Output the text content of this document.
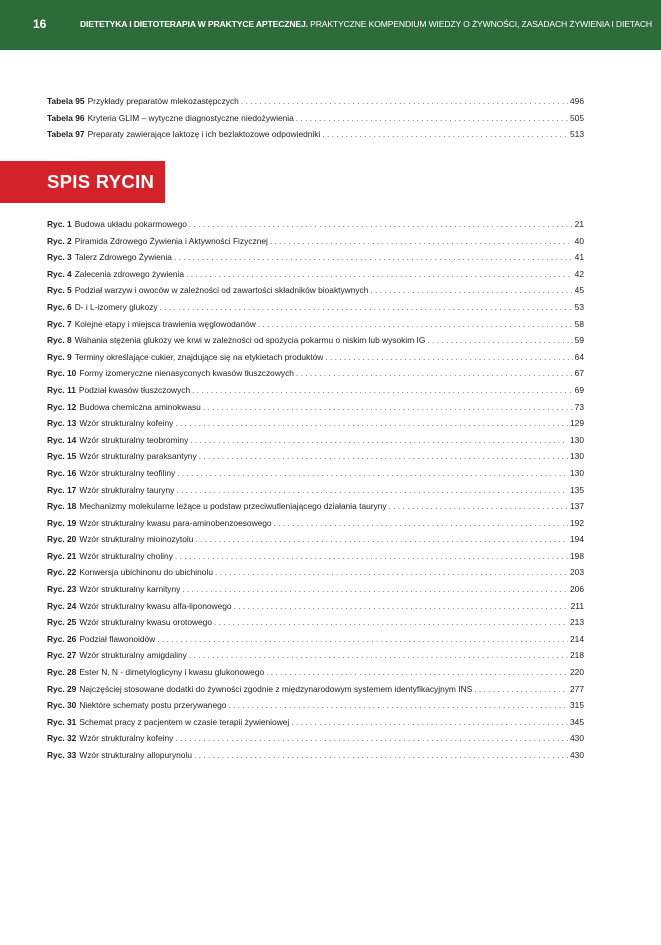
16	DIETETYKA I DIETOTERAPIA W PRAKTYCE APTECZNEJ. PRAKTYCZNE KOMPENDIUM WIEDZY O ŻYWNOŚCI, ZASADACH ŻYWIENIA I DIETACH
Tabela 95 Przykłady preparatów mlekozastępczych . . .	496
Tabela 96 Kryteria GLIM – wytyczne diagnostyczne niedożywienia . . .	505
Tabela 97 Preparaty zawierające laktozę i ich bezlaktozowe odpowiedniki . . .	513
SPIS RYCIN
Ryc. 1 Budowa układu pokarmowego . . .	21
Ryc. 2 Piramida Zdrowego Żywienia i Aktywności Fizycznej . . .	40
Ryc. 3 Talerz Zdrowego Żywienia . . .	41
Ryc. 4 Zalecenia zdrowego żywienia . . .	42
Ryc. 5 Podział warzyw i owoców w zależności od zawartości składników bioaktywnych . . .	45
Ryc. 6 D- i L-izomery glukozy . . .	53
Ryc. 7 Kolejne etapy i miejsca trawienia węglowodanów . . .	58
Ryc. 8 Wahania stężenia glukozy we krwi w zależności od spożycia pokarmu o niskim lub wysokim IG . . .	59
Ryc. 9 Terminy określające cukier, znajdujące się na etykietach produktów . . .	64
Ryc. 10 Formy izomeryczne nienasyconych kwasów tłuszczowych . . .	67
Ryc. 11 Podział kwasów tłuszczowych . . .	69
Ryc. 12 Budowa chemiczna aminokwasu . . .	73
Ryc. 13 Wzór strukturalny kofeiny . . .	129
Ryc. 14 Wzór strukturalny teobrominy . . .	130
Ryc. 15 Wzór strukturalny paraksantyny . . .	130
Ryc. 16 Wzór strukturalny teofiliny . . .	130
Ryc. 17 Wzór strukturalny tauryny . . .	135
Ryc. 18 Mechanizmy molekularne leżące u podstaw przeciwutleniającego działania tauryny . . .	137
Ryc. 19 Wzór strukturalny kwasu para-aminobenzoesowego . . .	192
Ryc. 20 Wzór strukturalny mioinozytolu . . .	194
Ryc. 21 Wzór strukturalny choliny . . .	198
Ryc. 22 Konwersja ubichinonu do ubichinolu . . .	203
Ryc. 23 Wzór strukturalny karnityny . . .	206
Ryc. 24 Wzór strukturalny kwasu alfa-liponowego . . .	211
Ryc. 25 Wzór strukturalny kwasu orotowego . . .	213
Ryc. 26 Podział flawonoidów . . .	214
Ryc. 27 Wzór strukturalny amigdaliny . . .	218
Ryc. 28 Ester N, N - dimetyloglicyny i kwasu glukonowego . . .	220
Ryc. 29 Najczęściej stosowane dodatki do żywności zgodnie z międzynarodowym systemem identyfikacyjnym INS . . .	277
Ryc. 30 Niektóre schematy postu przerywanego . . .	315
Ryc. 31 Schemat pracy z pacjentem w czasie terapii żywieniowej . . .	345
Ryc. 32 Wzór strukturalny kofeiny . . .	430
Ryc. 33 Wzór strukturalny allopurynolu . . .	430
